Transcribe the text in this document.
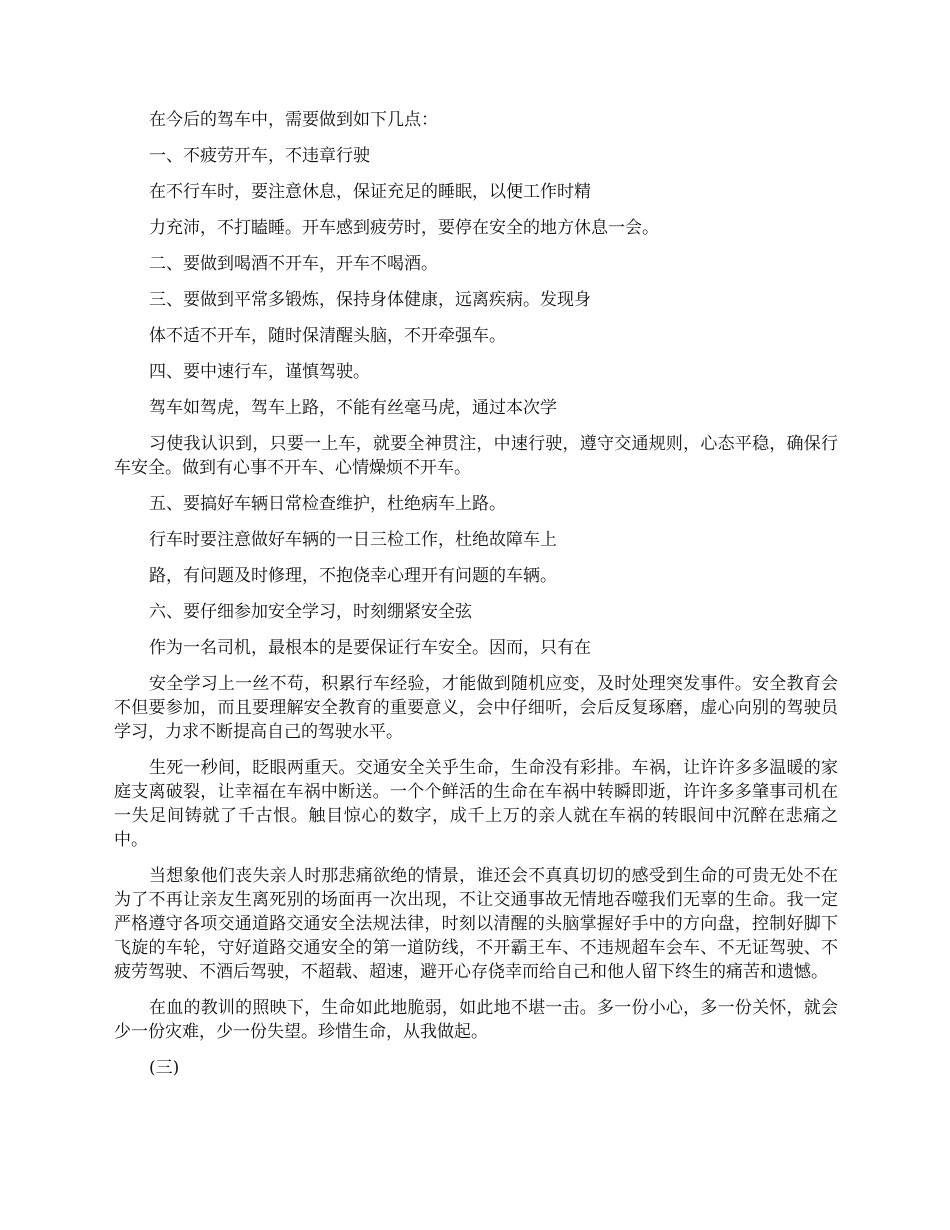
在今后的驾车中，需要做到如下几点：

一、不疲劳开车，不违章行驶

在不行车时，要注意休息，保证充足的睡眠，以便工作时精

力充沛，不打瞌睡。开车感到疲劳时，要停在安全的地方休息一会。

二、要做到喝酒不开车，开车不喝酒。

三、要做到平常多锻炼，保持身体健康，远离疾病。发现身

体不适不开车，随时保清醒头脑，不开牵强车。

四、要中速行车，谨慎驾驶。

驾车如驾虎，驾车上路，不能有丝毫马虎，通过本次学

习使我认识到，只要一上车，就要全神贯注，中速行驶，遵守交通规则，心态平稳，确保行车安全。做到有心事不开车、心情燥烦不开车。

五、要搞好车辆日常检查维护，杜绝病车上路。

行车时要注意做好车辆的一日三检工作，杜绝故障车上

路，有问题及时修理，不抱侥幸心理开有问题的车辆。

六、要仔细参加安全学习，时刻绷紧安全弦

作为一名司机，最根本的是要保证行车安全。因而，只有在

安全学习上一丝不苟，积累行车经验，才能做到随机应变，及时处理突发事件。安全教育会不但要参加，而且要理解安全教育的重要意义，会中仔细听，会后反复琢磨，虚心向别的驾驶员学习，力求不断提高自己的驾驶水平。

生死一秒间，眨眼两重天。交通安全关乎生命，生命没有彩排。车祸，让许许多多温暖的家庭支离破裂，让幸福在车祸中断送。一个个鲜活的生命在车祸中转瞬即逝，许许多多肇事司机在一失足间铸就了千古恨。触目惊心的数字，成千上万的亲人就在车祸的转眼间中沉醉在悲痛之中。

当想象他们丧失亲人时那悲痛欲绝的情景，谁还会不真真切切的感受到生命的可贵无处不在为了不再让亲友生离死别的场面再一次出现，不让交通事故无情地吞噬我们无辜的生命。我一定严格遵守各项交通道路交通安全法规法律，时刻以清醒的头脑掌握好手中的方向盘，控制好脚下飞旋的车轮，守好道路交通安全的第一道防线，不开霸王车、不违规超车会车、不无证驾驶、不疲劳驾驶、不酒后驾驶，不超载、超速，避开心存侥幸而给自己和他人留下终生的痛苦和遗憾。

在血的教训的照映下，生命如此地脆弱，如此地不堪一击。多一份小心，多一份关怀，就会少一份灾难，少一份失望。珍惜生命，从我做起。

(三)
